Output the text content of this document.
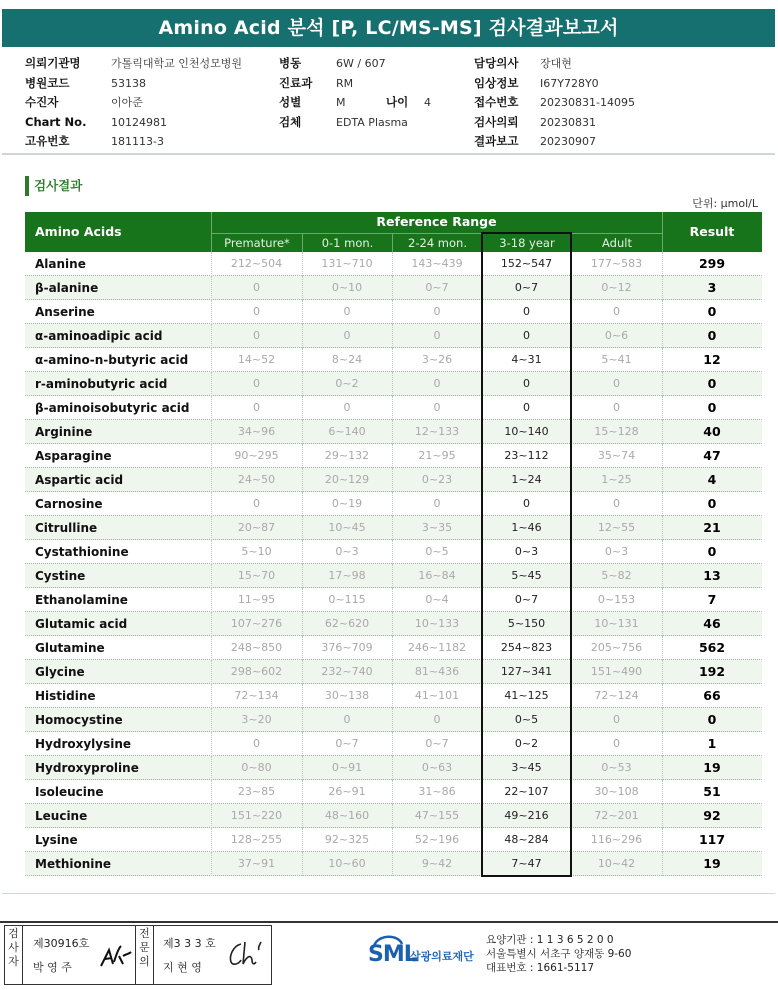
Amino Acid 분석 [P, LC/MS-MS] 검사결과보고서
의뢰기관명	가톨릭대학교 인천성모병원
병원코드	53138
수진자	이아준
Chart No.	10124981
고유번호	181113-3
병동	6W / 607
진료과	RM
성별	M	나이	4
검체	EDTA Plasma
담당의사	장대현
임상정보	I67Y728Y0
접수번호	20230831-14095
검사의뢰	20230831
결과보고	20230907
검사결과
단위: μmol/L
Amino Acids
Reference Range
Result
Premature*	0-1 mon.	2-24 mon.	3-18 year	Adult
Alanine	212~504	131~710	143~439	152~547	177~583	299
β-alanine	0	0~10	0~7	0~7	0~12	3
Anserine	0	0	0	0	0	0
α-aminoadipic acid	0	0	0	0	0~6	0
α-amino-n-butyric acid	14~52	8~24	3~26	4~31	5~41	12
r-aminobutyric acid	0	0~2	0	0	0	0
β-aminoisobutyric acid	0	0	0	0	0	0
Arginine	34~96	6~140	12~133	10~140	15~128	40
Asparagine	90~295	29~132	21~95	23~112	35~74	47
Aspartic acid	24~50	20~129	0~23	1~24	1~25	4
Carnosine	0	0~19	0	0	0	0
Citrulline	20~87	10~45	3~35	1~46	12~55	21
Cystathionine	5~10	0~3	0~5	0~3	0~3	0
Cystine	15~70	17~98	16~84	5~45	5~82	13
Ethanolamine	11~95	0~115	0~4	0~7	0~153	7
Glutamic acid	107~276	62~620	10~133	5~150	10~131	46
Glutamine	248~850	376~709	246~1182	254~823	205~756	562
Glycine	298~602	232~740	81~436	127~341	151~490	192
Histidine	72~134	30~138	41~101	41~125	72~124	66
Homocystine	3~20	0	0	0~5	0	0
Hydroxylysine	0	0~7	0~7	0~2	0	1
Hydroxyproline	0~80	0~91	0~63	3~45	0~53	19
Isoleucine	23~85	26~91	31~86	22~107	30~108	51
Leucine	151~220	48~160	47~155	49~216	72~201	92
Lysine	128~255	92~325	52~196	48~284	116~296	117
Methionine	37~91	10~60	9~42	7~47	10~42	19
검사자
제30916호
박 영 주
전문의
제3 3 3 호
지 현 영
SML
삼광의료재단
요양기관 : 1 1 3 6 5 2 0 0
서울특별시 서초구 양재동 9-60
대표번호 : 1661-5117
